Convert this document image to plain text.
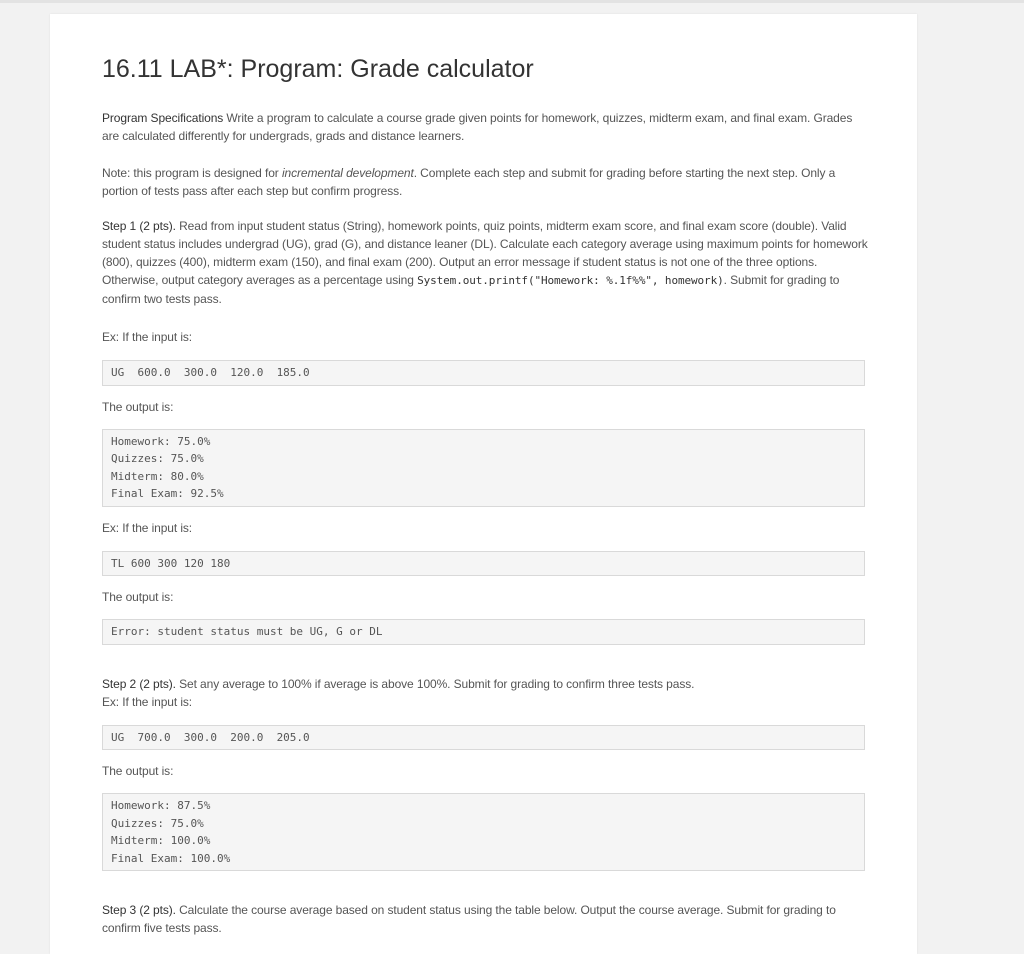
16.11 LAB*: Program: Grade calculator

Program Specifications Write a program to calculate a course grade given points for homework, quizzes, midterm exam, and final exam. Grades are calculated differently for undergrads, grads and distance learners.

Note: this program is designed for incremental development. Complete each step and submit for grading before starting the next step. Only a portion of tests pass after each step but confirm progress.

Step 1 (2 pts). Read from input student status (String), homework points, quiz points, midterm exam score, and final exam score (double). Valid student status includes undergrad (UG), grad (G), and distance leaner (DL). Calculate each category average using maximum points for homework (800), quizzes (400), midterm exam (150), and final exam (200). Output an error message if student status is not one of the three options. Otherwise, output category averages as a percentage using System.out.printf("Homework: %.1f%%", homework). Submit for grading to confirm two tests pass.

Ex: If the input is:

UG  600.0  300.0  120.0  185.0

The output is:

Homework: 75.0%
Quizzes: 75.0%
Midterm: 80.0%
Final Exam: 92.5%

Ex: If the input is:

TL 600 300 120 180

The output is:

Error: student status must be UG, G or DL

Step 2 (2 pts). Set any average to 100% if average is above 100%. Submit for grading to confirm three tests pass.

Ex: If the input is:

UG  700.0  300.0  200.0  205.0

The output is:

Homework: 87.5%
Quizzes: 75.0%
Midterm: 100.0%
Final Exam: 100.0%

Step 3 (2 pts). Calculate the course average based on student status using the table below. Output the course average. Submit for grading to confirm five tests pass.
